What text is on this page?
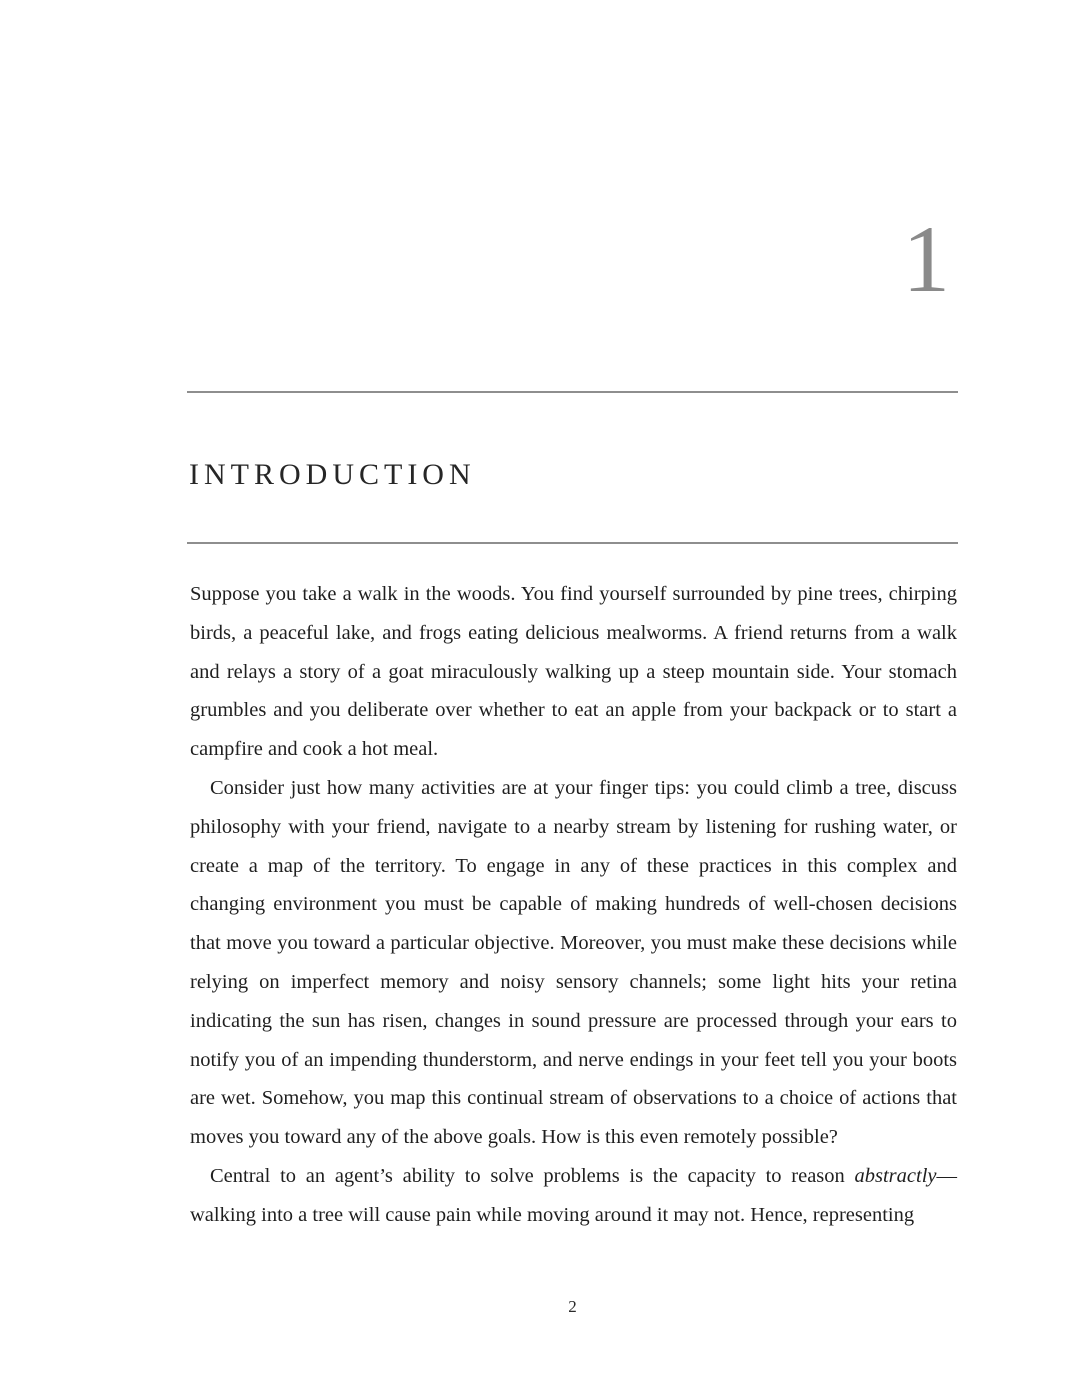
1
INTRODUCTION

Suppose you take a walk in the woods. You find yourself surrounded by pine trees, chirping birds, a peaceful lake, and frogs eating delicious mealworms. A friend returns from a walk and relays a story of a goat miraculously walking up a steep mountain side. Your stomach grumbles and you deliberate over whether to eat an apple from your backpack or to start a campfire and cook a hot meal.

Consider just how many activities are at your finger tips: you could climb a tree, discuss philosophy with your friend, navigate to a nearby stream by listening for rushing water, or create a map of the territory. To engage in any of these practices in this complex and changing environment you must be capable of making hundreds of well-chosen decisions that move you toward a particular objective. Moreover, you must make these decisions while relying on imperfect memory and noisy sensory channels; some light hits your retina indicating the sun has risen, changes in sound pressure are processed through your ears to notify you of an impending thunderstorm, and nerve endings in your feet tell you your boots are wet. Somehow, you map this continual stream of observations to a choice of actions that moves you toward any of the above goals. How is this even remotely possible?

Central to an agent’s ability to solve problems is the capacity to reason abstractly—walking into a tree will cause pain while moving around it may not. Hence, representing

2
